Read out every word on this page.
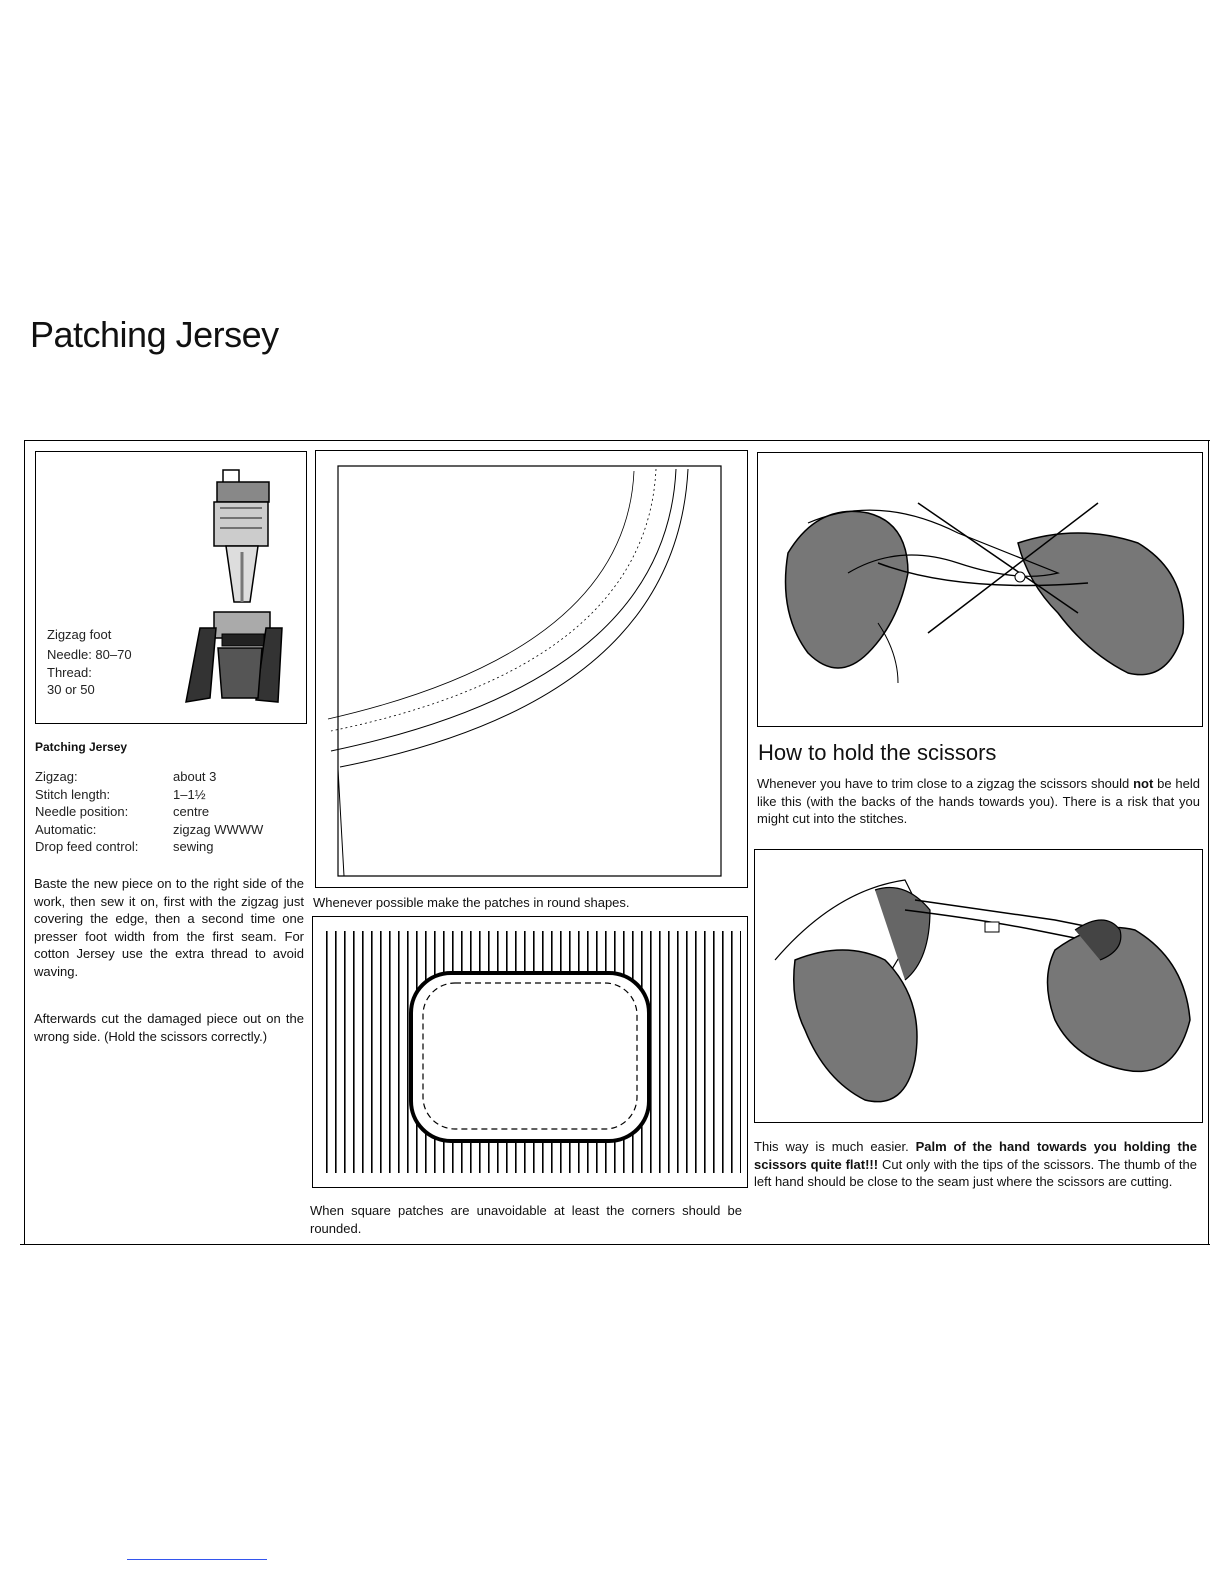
Patching Jersey
Zigzag foot
Needle: 80–70
Thread:
30 or 50
Patching Jersey
Zigzag:	about 3
Stitch length:	1–1½
Needle position:	centre
Automatic:	zigzag WWWW
Drop feed control:	sewing

Baste the new piece on to the right side of the work, then sew it on, first with the zigzag just covering the edge, then a second time one presser foot width from the first seam. For cotton Jersey use the extra thread to avoid waving.

Afterwards cut the damaged piece out on the wrong side. (Hold the scissors correctly.)

Whenever possible make the patches in round shapes.

When square patches are unavoidable at least the corners should be rounded.

How to hold the scissors

Whenever you have to trim close to a zigzag the scissors should not be held like this (with the backs of the hands towards you). There is a risk that you might cut into the stitches.

This way is much easier. Palm of the hand towards you holding the scissors quite flat!!! Cut only with the tips of the scissors. The thumb of the left hand should be close to the seam just where the scissors are cutting.
